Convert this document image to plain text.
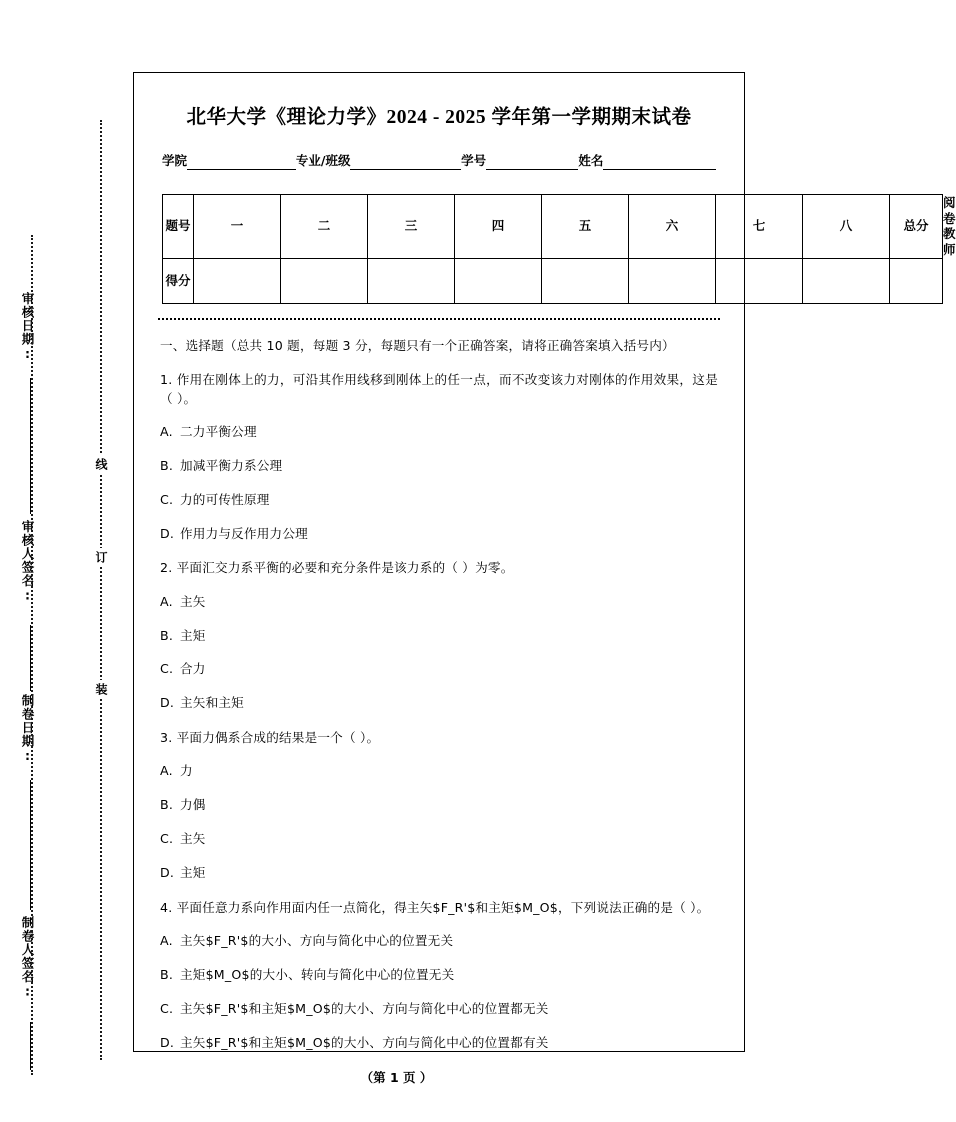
审核日期:
审核人签名:
制卷日期:
制卷人签名:
线
订
装
北华大学《理论力学》2024 - 2025 学年第一学期期末试卷
学院	专业/班级	学号	姓名
题号	一	二	三	四	五	六	七	八	总分	阅卷
教师

得分										

一、选择题（总共 10 题，每题 3 分，每题只有一个正确答案，请将正确答案填入括号内）

1. 作用在刚体上的力，可沿其作用线移到刚体上的任一点，而不改变该力对刚体的作用效果，这是（ ）。

A. 二力平衡公理

B. 加减平衡力系公理

C. 力的可传性原理

D. 作用力与反作用力公理

2. 平面汇交力系平衡的必要和充分条件是该力系的（ ）为零。

A. 主矢

B. 主矩

C. 合力

D. 主矢和主矩

3. 平面力偶系合成的结果是一个（ ）。

A. 力

B. 力偶

C. 主矢

D. 主矩

4. 平面任意力系向作用面内任一点简化，得主矢$F_R'$和主矩$M_O$，下列说法正确的是（ ）。

A. 主矢$F_R'$的大小、方向与简化中心的位置无关

B. 主矩$M_O$的大小、转向与简化中心的位置无关

C. 主矢$F_R'$和主矩$M_O$的大小、方向与简化中心的位置都无关

D. 主矢$F_R'$和主矩$M_O$的大小、方向与简化中心的位置都有关

（第 1 页 ）
